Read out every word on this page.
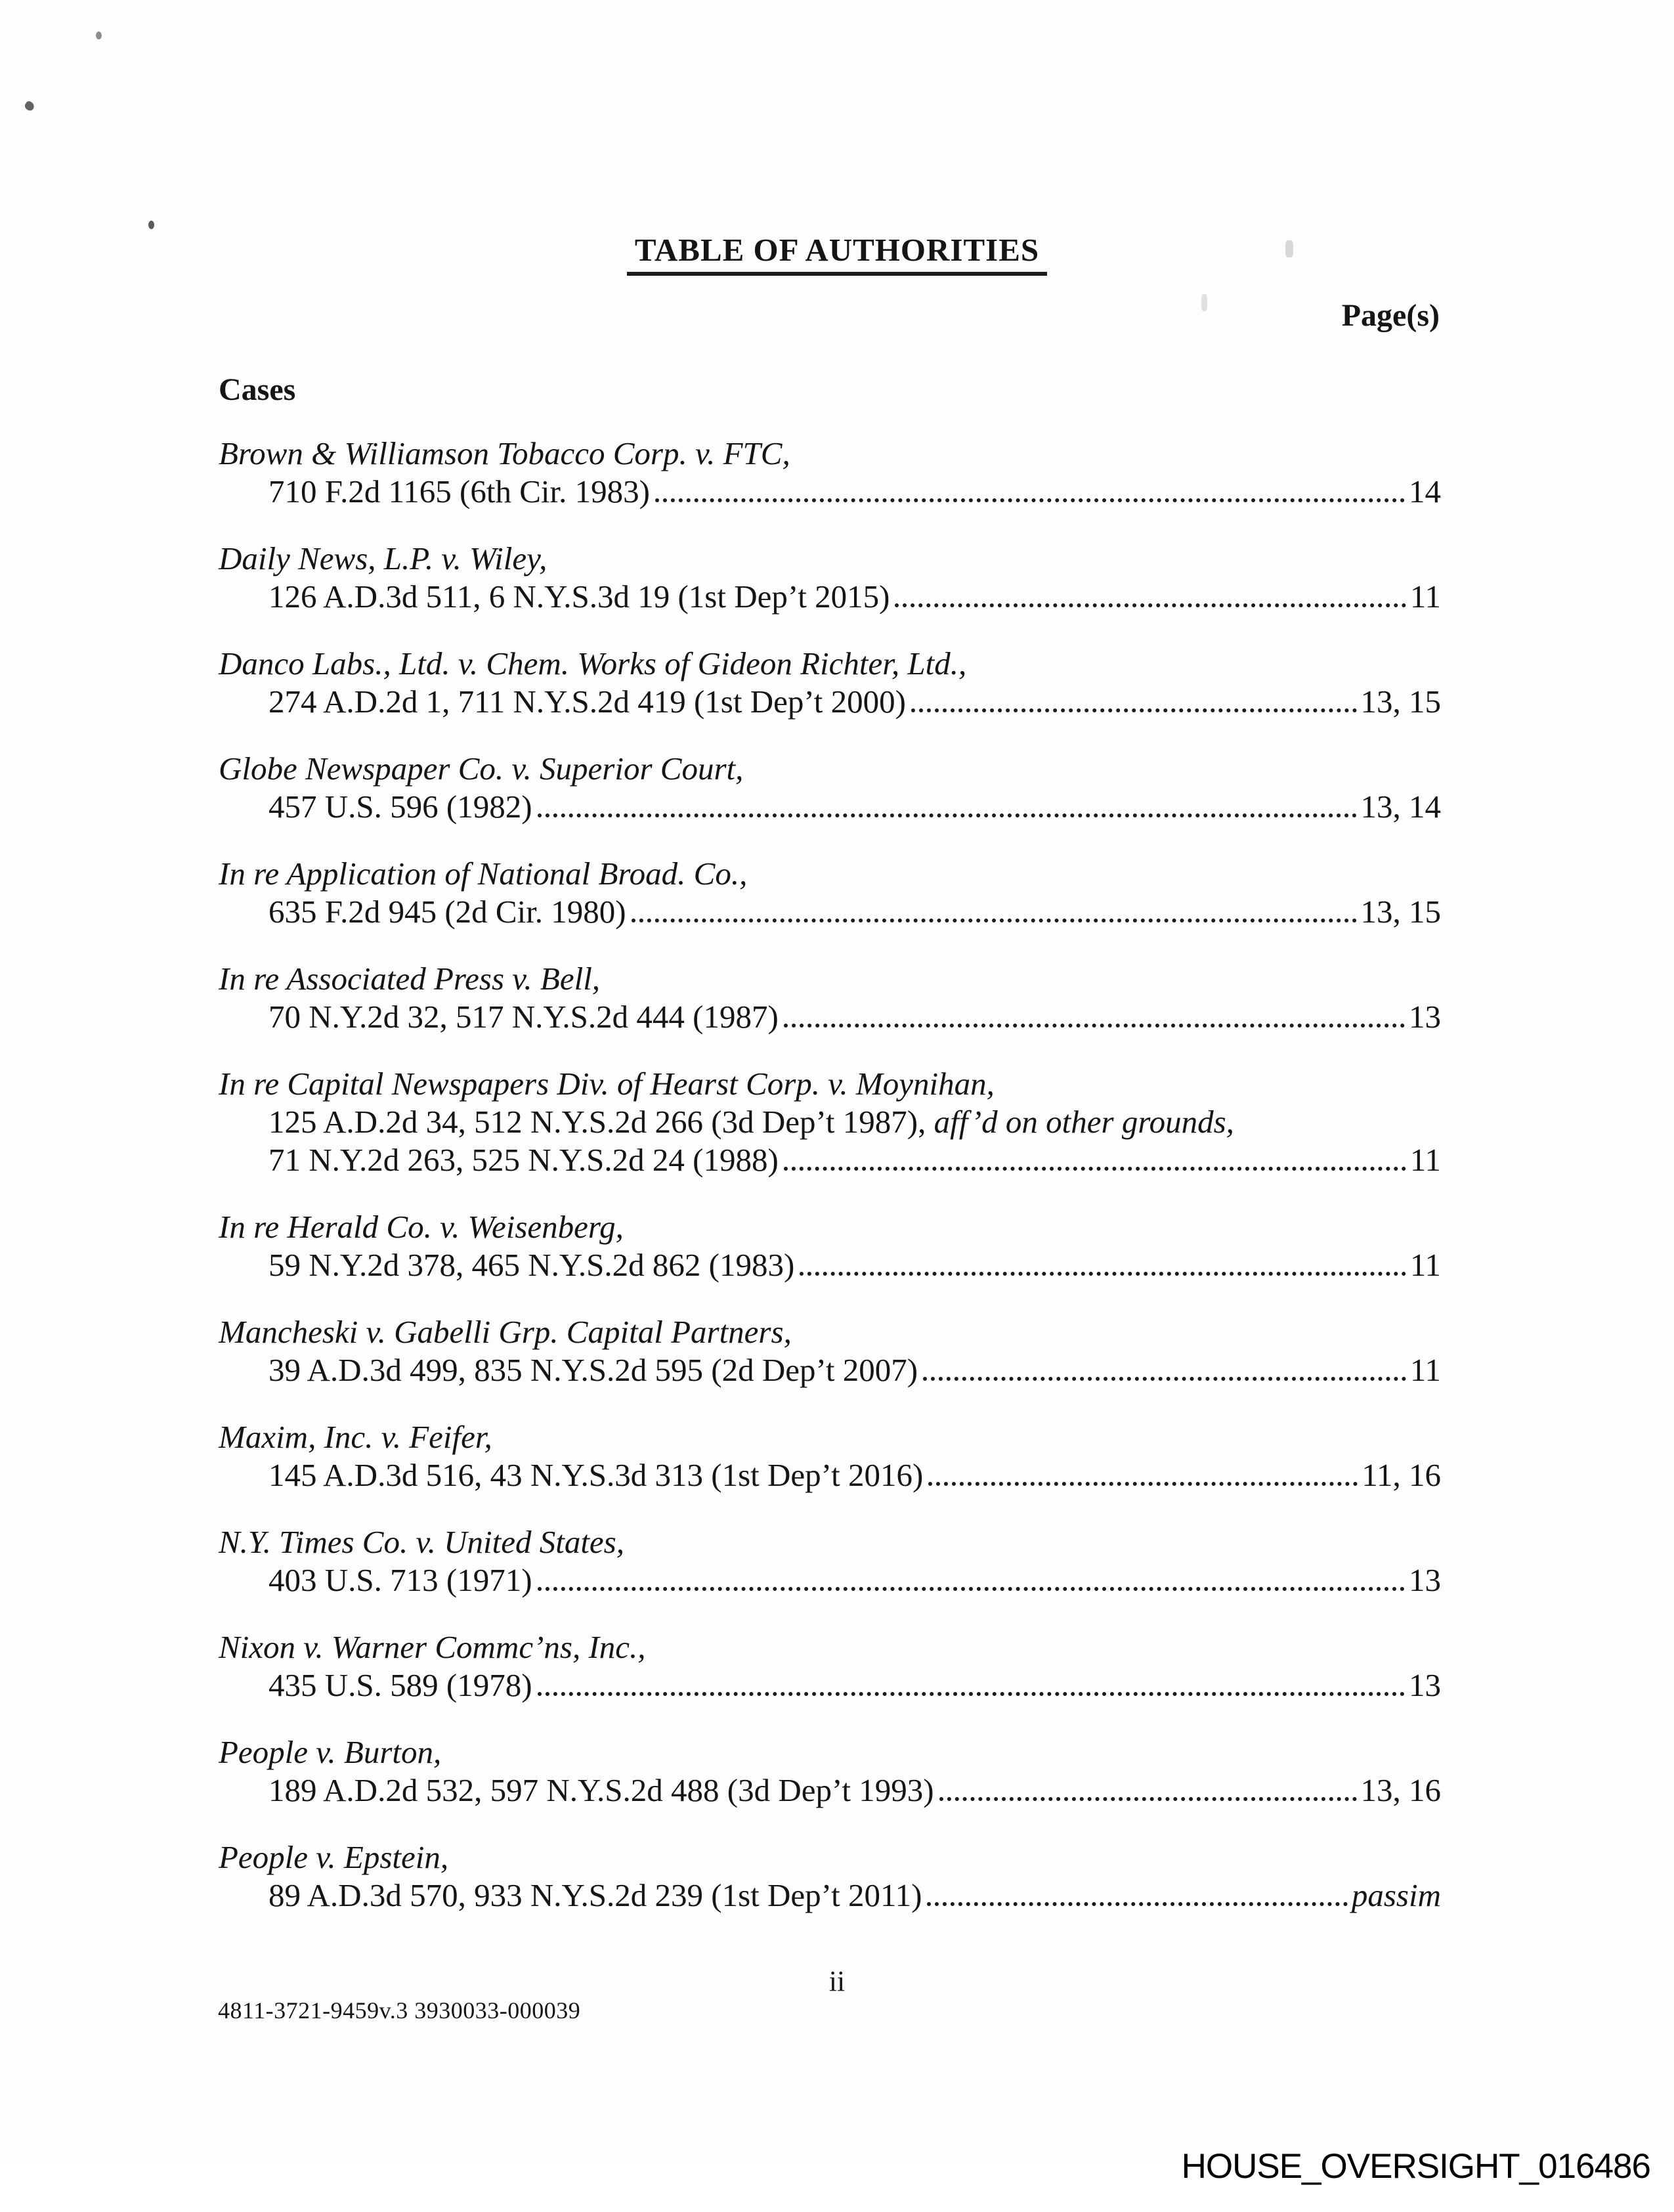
TABLE OF AUTHORITIES
Page(s)
Cases
Brown & Williamson Tobacco Corp. v. FTC,
710 F.2d 1165 (6th Cir. 1983)	14
Daily News, L.P. v. Wiley,
126 A.D.3d 511, 6 N.Y.S.3d 19 (1st Dep’t 2015)	11
Danco Labs., Ltd. v. Chem. Works of Gideon Richter, Ltd.,
274 A.D.2d 1, 711 N.Y.S.2d 419 (1st Dep’t 2000)	13, 15
Globe Newspaper Co. v. Superior Court,
457 U.S. 596 (1982)	13, 14
In re Application of National Broad. Co.,
635 F.2d 945 (2d Cir. 1980)	13, 15
In re Associated Press v. Bell,
70 N.Y.2d 32, 517 N.Y.S.2d 444 (1987)	13
In re Capital Newspapers Div. of Hearst Corp. v. Moynihan,
125 A.D.2d 34, 512 N.Y.S.2d 266 (3d Dep’t 1987), aff’d on other grounds,
71 N.Y.2d 263, 525 N.Y.S.2d 24 (1988)	11
In re Herald Co. v. Weisenberg,
59 N.Y.2d 378, 465 N.Y.S.2d 862 (1983)	11
Mancheski v. Gabelli Grp. Capital Partners,
39 A.D.3d 499, 835 N.Y.S.2d 595 (2d Dep’t 2007)	11
Maxim, Inc. v. Feifer,
145 A.D.3d 516, 43 N.Y.S.3d 313 (1st Dep’t 2016)	11, 16
N.Y. Times Co. v. United States,
403 U.S. 713 (1971)	13
Nixon v. Warner Commc’ns, Inc.,
435 U.S. 589 (1978)	13
People v. Burton,
189 A.D.2d 532, 597 N.Y.S.2d 488 (3d Dep’t 1993)	13, 16
People v. Epstein,
89 A.D.3d 570, 933 N.Y.S.2d 239 (1st Dep’t 2011)	passim
ii
4811-3721-9459v.3 3930033-000039
HOUSE_OVERSIGHT_016486
